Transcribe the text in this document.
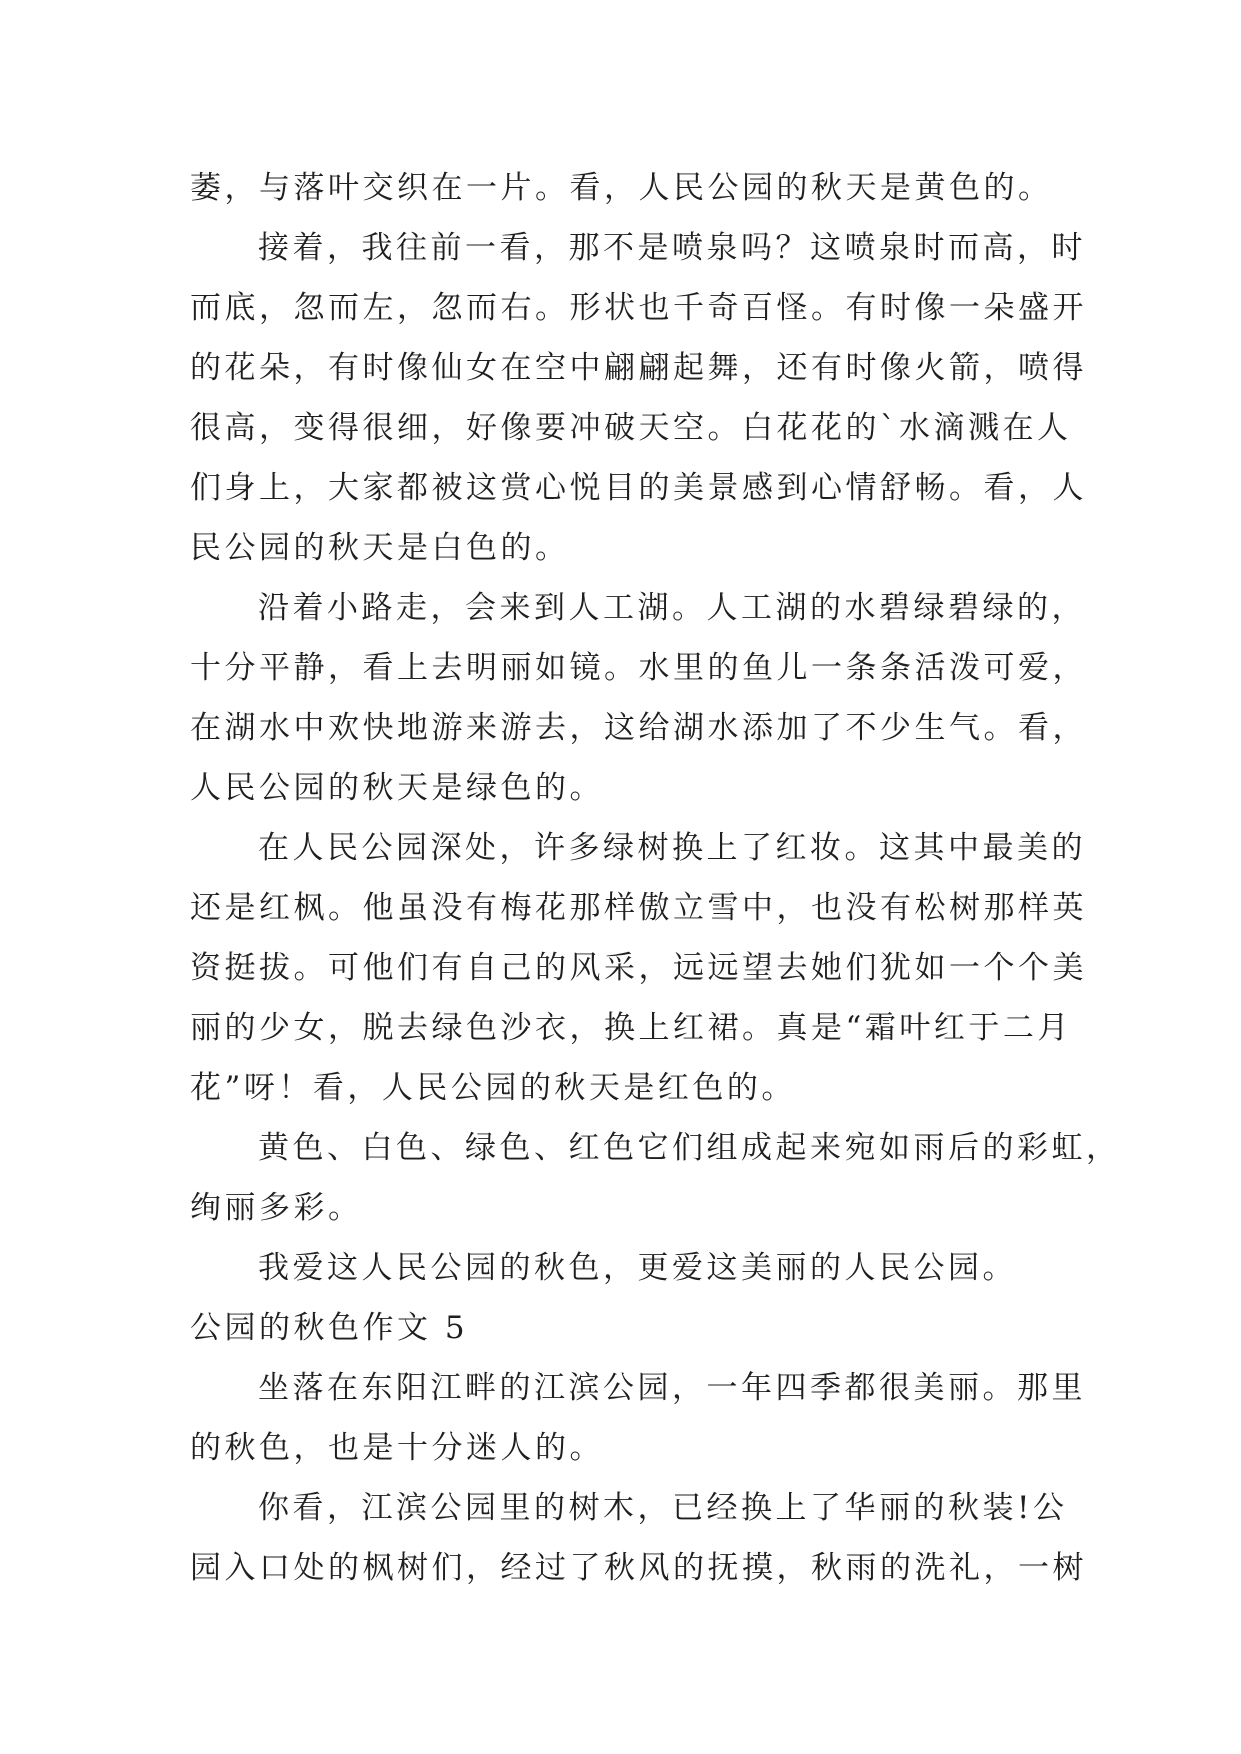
萎，与落叶交织在一片。看，人民公园的秋天是黄色的。
接着，我往前一看，那不是喷泉吗？这喷泉时而高，时
而底，忽而左，忽而右。形状也千奇百怪。有时像一朵盛开
的花朵，有时像仙女在空中翩翩起舞，还有时像火箭，喷得
很高，变得很细，好像要冲破天空。白花花的`水滴溅在人
们身上，大家都被这赏心悦目的美景感到心情舒畅。看，人
民公园的秋天是白色的。
沿着小路走，会来到人工湖。人工湖的水碧绿碧绿的，
十分平静，看上去明丽如镜。水里的鱼儿一条条活泼可爱，
在湖水中欢快地游来游去，这给湖水添加了不少生气。看，
人民公园的秋天是绿色的。
在人民公园深处，许多绿树换上了红妆。这其中最美的
还是红枫。他虽没有梅花那样傲立雪中，也没有松树那样英
资挺拔。可他们有自己的风采，远远望去她们犹如一个个美
丽的少女，脱去绿色沙衣，换上红裙。真是“霜叶红于二月
花”呀！看，人民公园的秋天是红色的。
黄色、白色、绿色、红色它们组成起来宛如雨后的彩虹，
绚丽多彩。
我爱这人民公园的秋色，更爱这美丽的人民公园。
公园的秋色作文 5
坐落在东阳江畔的江滨公园，一年四季都很美丽。那里
的秋色，也是十分迷人的。
你看，江滨公园里的树木，已经换上了华丽的秋装!公
园入口处的枫树们，经过了秋风的抚摸，秋雨的洗礼，一树
